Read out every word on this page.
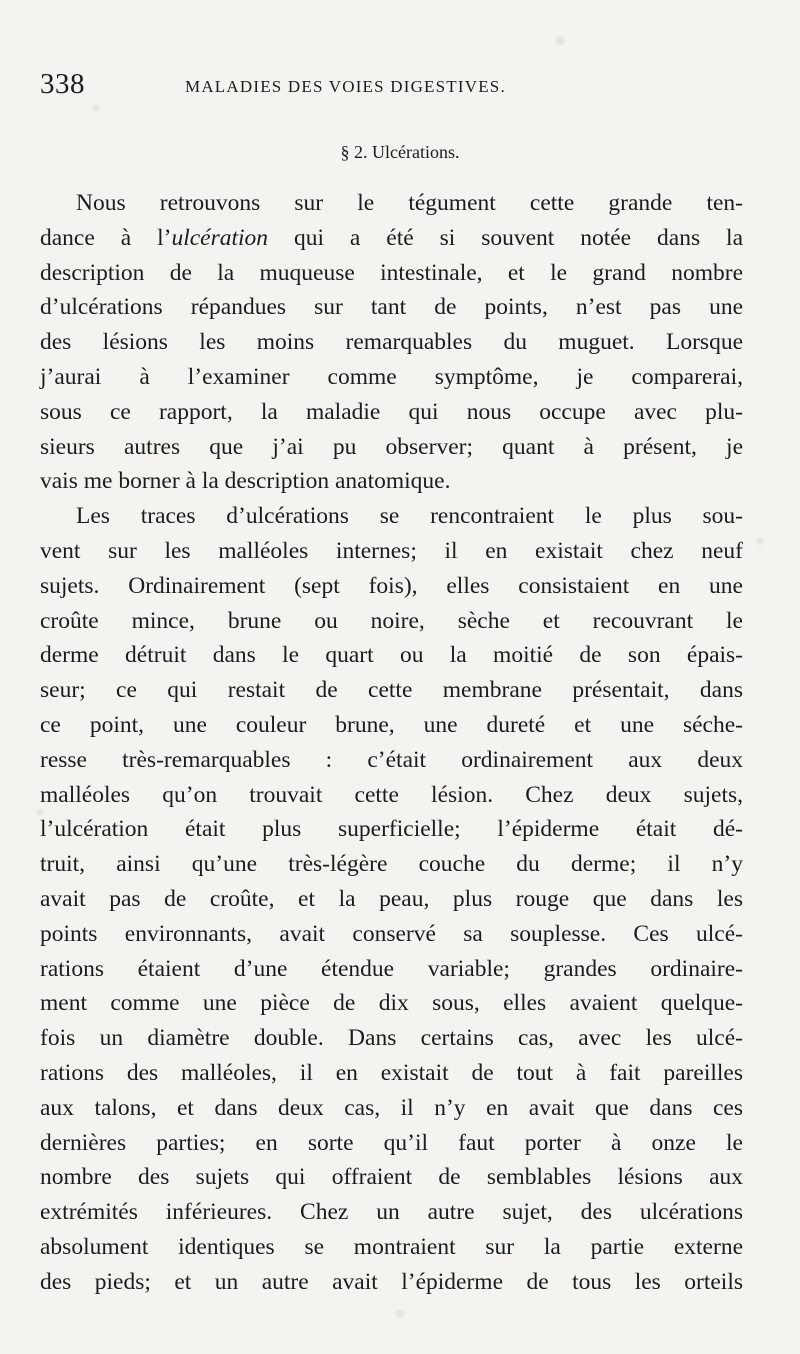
338	MALADIES DES VOIES DIGESTIVES.
§ 2. Ulcérations.

Nous retrouvons sur le tégument cette grande ten-
dance à l’ulcération qui a été si souvent notée dans la
description de la muqueuse intestinale, et le grand nombre
d’ulcérations répandues sur tant de points, n’est pas une
des lésions les moins remarquables du muguet. Lorsque
j’aurai à l’examiner comme symptôme, je comparerai,
sous ce rapport, la maladie qui nous occupe avec plu-
sieurs autres que j’ai pu observer; quant à présent, je
vais me borner à la description anatomique.

Les traces d’ulcérations se rencontraient le plus sou-
vent sur les malléoles internes; il en existait chez neuf
sujets. Ordinairement (sept fois), elles consistaient en une
croûte mince, brune ou noire, sèche et recouvrant le
derme détruit dans le quart ou la moitié de son épais-
seur; ce qui restait de cette membrane présentait, dans
ce point, une couleur brune, une dureté et une séche-
resse très-remarquables : c’était ordinairement aux deux
malléoles qu’on trouvait cette lésion. Chez deux sujets,
l’ulcération était plus superficielle; l’épiderme était dé-
truit, ainsi qu’une très-légère couche du derme; il n’y
avait pas de croûte, et la peau, plus rouge que dans les
points environnants, avait conservé sa souplesse. Ces ulcé-
rations étaient d’une étendue variable; grandes ordinaire-
ment comme une pièce de dix sous, elles avaient quelque-
fois un diamètre double. Dans certains cas, avec les ulcé-
rations des malléoles, il en existait de tout à fait pareilles
aux talons, et dans deux cas, il n’y en avait que dans ces
dernières parties; en sorte qu’il faut porter à onze le
nombre des sujets qui offraient de semblables lésions aux
extrémités inférieures. Chez un autre sujet, des ulcérations
absolument identiques se montraient sur la partie externe
des pieds; et un autre avait l’épiderme de tous les orteils
